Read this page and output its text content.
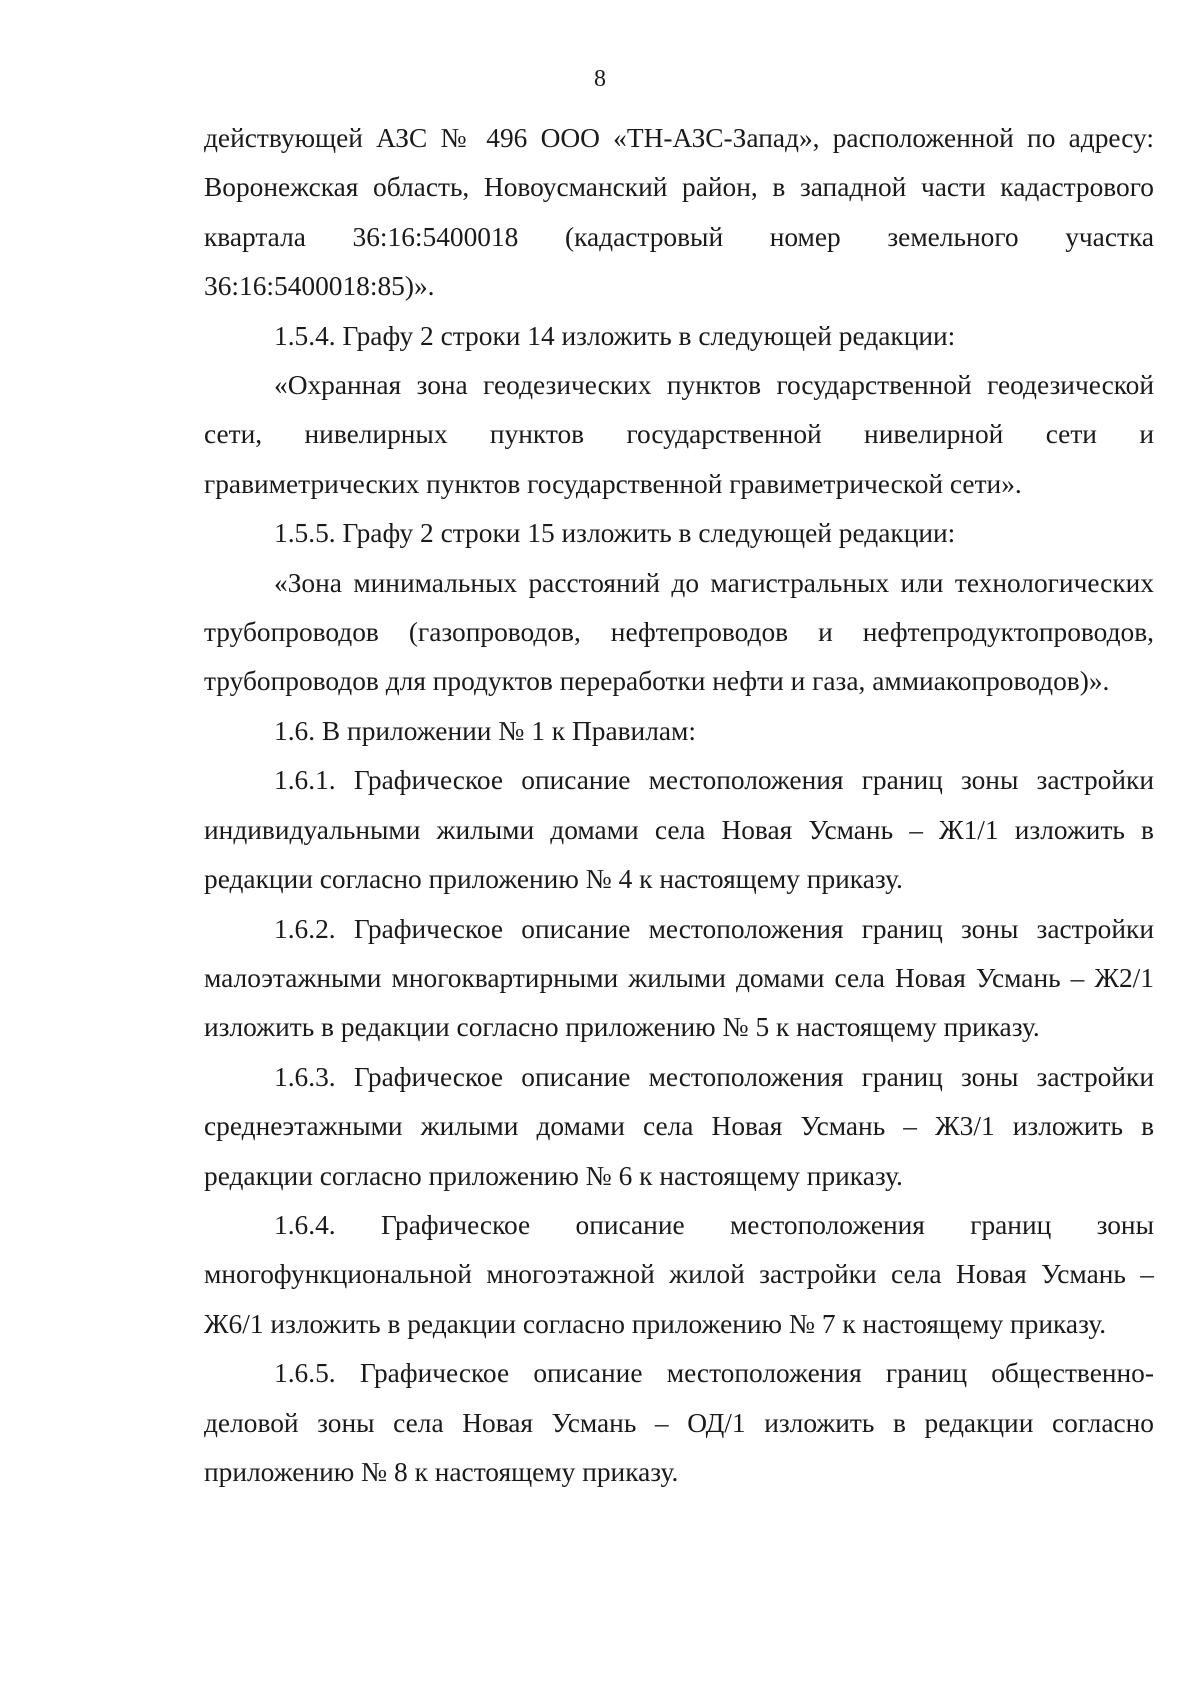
8

действующей АЗС № 496 ООО «ТН-АЗС-Запад», расположенной по адресу: Воронежская область, Новоусманский район, в западной части кадастрового квартала 36:16:5400018 (кадастровый номер земельного участка 36:16:5400018:85)».

1.5.4. Графу 2 строки 14 изложить в следующей редакции:

«Охранная зона геодезических пунктов государственной геодезической сети, нивелирных пунктов государственной нивелирной сети и гравиметрических пунктов государственной гравиметрической сети».

1.5.5. Графу 2 строки 15 изложить в следующей редакции:

«Зона минимальных расстояний до магистральных или технологических трубопроводов (газопроводов, нефтепроводов и нефтепродуктопроводов, трубопроводов для продуктов переработки нефти и газа, аммиакопроводов)».

1.6. В приложении № 1 к Правилам:

1.6.1. Графическое описание местоположения границ зоны застройки индивидуальными жилыми домами села Новая Усмань – Ж1/1 изложить в редакции согласно приложению № 4 к настоящему приказу.

1.6.2. Графическое описание местоположения границ зоны застройки малоэтажными многоквартирными жилыми домами села Новая Усмань – Ж2/1 изложить в редакции согласно приложению № 5 к настоящему приказу.

1.6.3. Графическое описание местоположения границ зоны застройки среднеэтажными жилыми домами села Новая Усмань – Ж3/1 изложить в редакции согласно приложению № 6 к настоящему приказу.

1.6.4. Графическое описание местоположения границ зоны многофункциональной многоэтажной жилой застройки села Новая Усмань – Ж6/1 изложить в редакции согласно приложению № 7 к настоящему приказу.

1.6.5. Графическое описание местоположения границ общественно-деловой зоны села Новая Усмань – ОД/1 изложить в редакции согласно приложению № 8 к настоящему приказу.
